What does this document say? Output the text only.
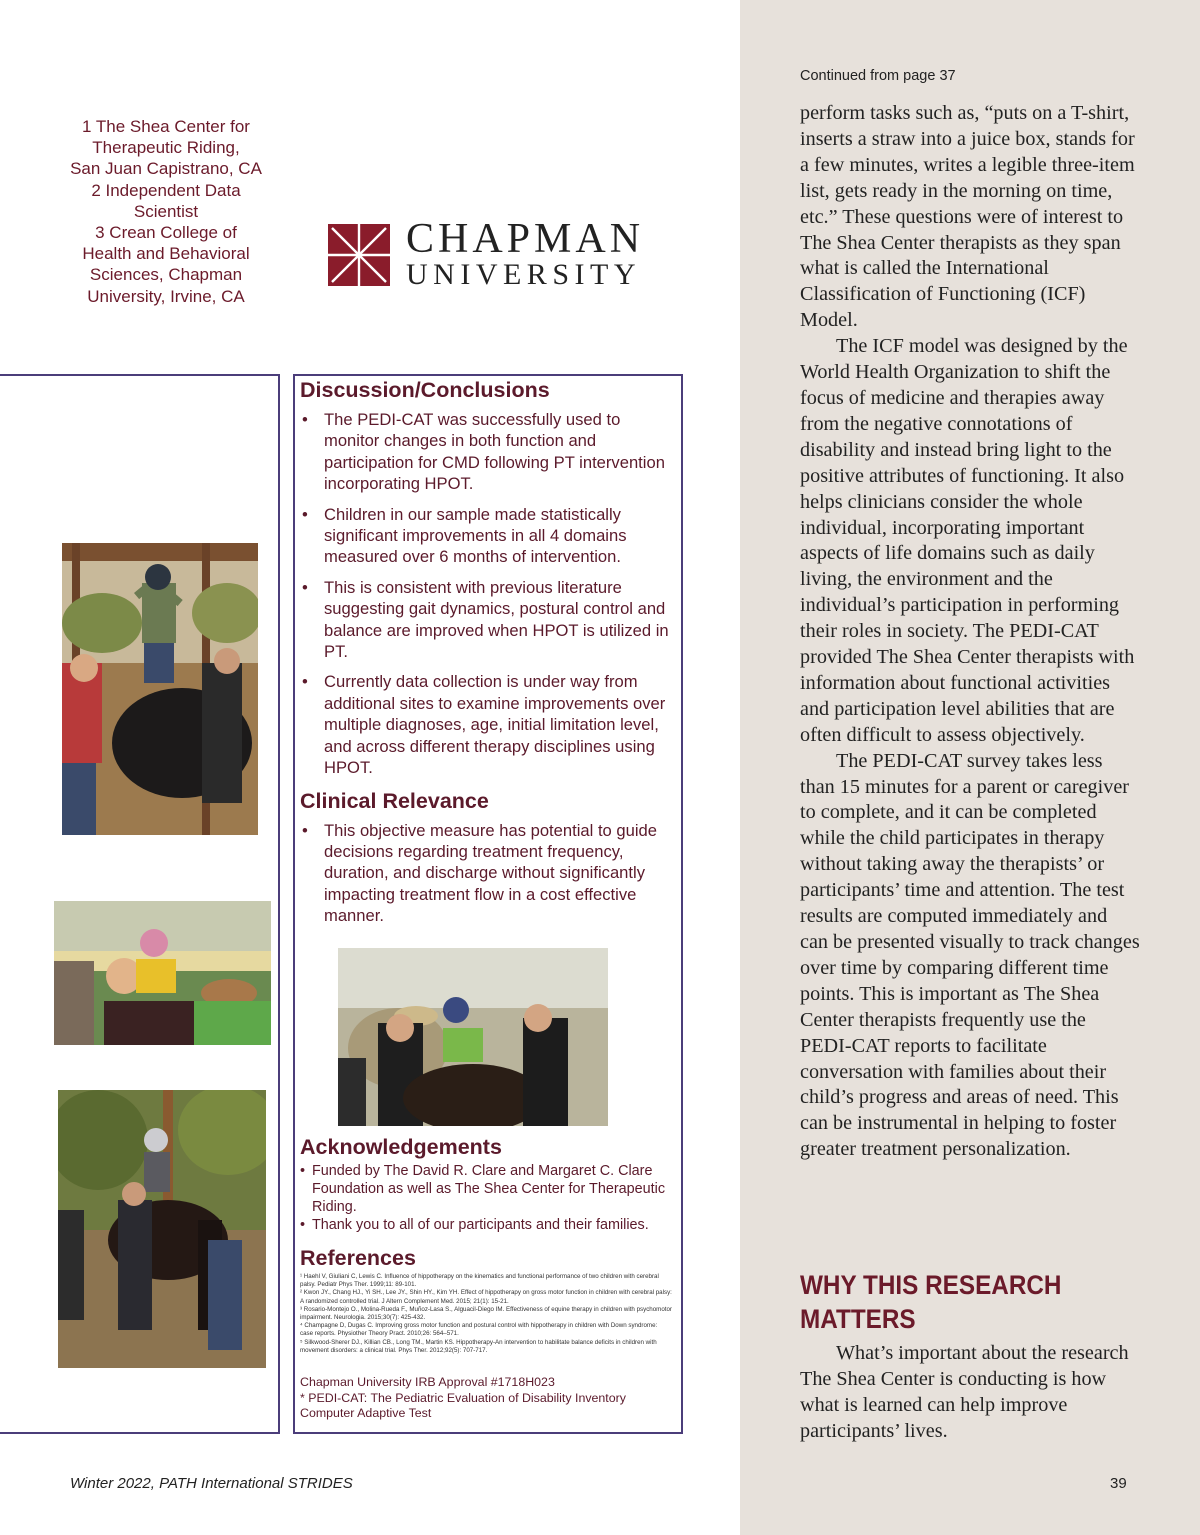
1 The Shea Center for
Therapeutic Riding,
San Juan Capistrano, CA
2 Independent Data
Scientist
3 Crean College of
Health and Behavioral
Sciences, Chapman
University, Irvine, CA
CHAPMAN
UNIVERSITY
Discussion/Conclusions
• The PEDI-CAT was successfully used to monitor changes in both function and participation for CMD following PT intervention incorporating HPOT.
• Children in our sample made statistically significant improvements in all 4 domains measured over 6 months of intervention.
• This is consistent with previous literature suggesting gait dynamics, postural control and balance are improved when HPOT is utilized in PT.
• Currently data collection is under way from additional sites to examine improvements over multiple diagnoses, age, initial limitation level, and across different therapy disciplines using HPOT.
Clinical Relevance
• This objective measure has potential to guide decisions regarding treatment frequency, duration, and discharge without significantly impacting treatment flow in a cost effective manner.
Acknowledgements
• Funded by The David R. Clare and Margaret C. Clare Foundation as well as The Shea Center for Therapeutic Riding.
• Thank you to all of our participants and their families.
References
¹ Haehl V, Giuliani C, Lewis C. Influence of hippotherapy on the kinematics and functional performance of two children with cerebral palsy. Pediatr Phys Ther. 1999;11: 89-101.
² Kwon JY., Chang HJ., Yi SH., Lee JY., Shin HY., Kim YH. Effect of hippotherapy on gross motor function in children with cerebral palsy: A randomized controlled trial. J Altern Complement Med. 2015; 21(1): 15-21.
³ Rosario-Montejo O., Molina-Rueda F., Muñoz-Lasa S., Alguacil-Diego IM. Effectiveness of equine therapy in children with psychomotor impairment. Neurologia. 2015;30(7): 425-432.
⁴ Champagne D, Dugas C. Improving gross motor function and postural control with hippotherapy in children with Down syndrome: case reports. Physiother Theory Pract. 2010;26: 564–571.
⁵ Silkwood-Sherer DJ., Killian CB., Long TM., Martin KS. Hippotherapy-An intervention to habilitate balance deficits in children with movement disorders: a clinical trial. Phys Ther. 2012;92(5): 707-717.
Chapman University IRB Approval #1718H023
* PEDI-CAT: The Pediatric Evaluation of Disability Inventory
Computer Adaptive Test
Continued from page 37

perform tasks such as, “puts on a T-shirt, inserts a straw into a juice box, stands for a few minutes, writes a legible three-item list, gets ready in the morning on time, etc.” These questions were of interest to The Shea Center therapists as they span what is called the International Classification of Functioning (ICF) Model.

The ICF model was designed by the World Health Organization to shift the focus of medicine and therapies away from the negative connotations of disability and instead bring light to the positive attributes of functioning. It also helps clinicians consider the whole individual, incorporating important aspects of life domains such as daily living, the environment and the individual’s participation in performing their roles in society. The PEDI-CAT provided The Shea Center therapists with information about functional activities and participation level abilities that are often difficult to assess objectively.

The PEDI-CAT survey takes less than 15 minutes for a parent or caregiver to complete, and it can be completed while the child participates in therapy without taking away the therapists’ or participants’ time and attention. The test results are computed immediately and can be presented visually to track changes over time by comparing different time points. This is important as The Shea Center therapists frequently use the PEDI-CAT reports to facilitate conversation with families about their child’s progress and areas of need. This can be instrumental in helping to foster greater treatment personalization.

WHY THIS RESEARCH MATTERS

What’s important about the research The Shea Center is conducting is how what is learned can help improve participants’ lives.

Winter 2022, PATH International STRIDES	39
